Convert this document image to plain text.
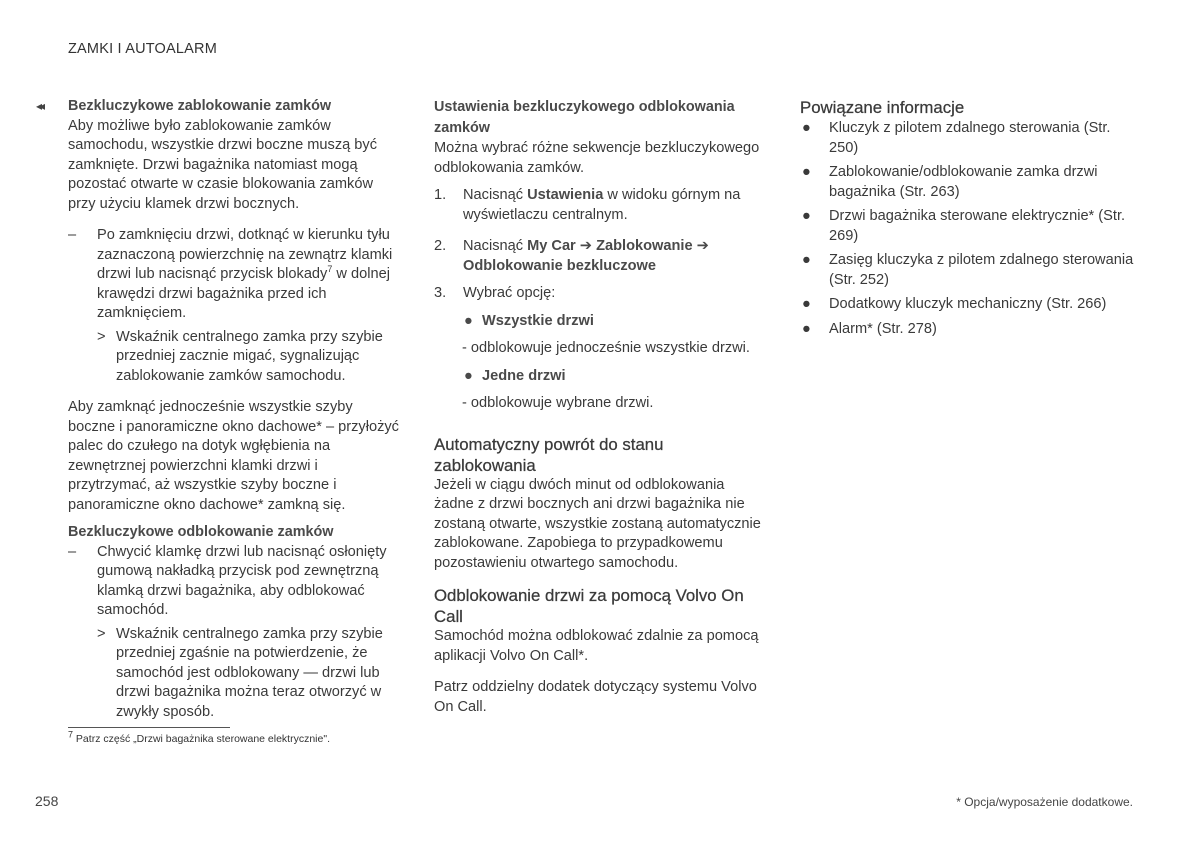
ZAMKI I AUTOALARM
◂◂ Bezkluczykowe zablokowanie zamków

Aby możliwe było zablokowanie zamków samochodu, wszystkie drzwi boczne muszą być zamknięte. Drzwi bagażnika natomiast mogą pozostać otwarte w czasie blokowania zamków przy użyciu klamek drzwi bocznych.

– Po zamknięciu drzwi, dotknąć w kierunku tyłu zaznaczoną powierzchnię na zewnątrz klamki drzwi lub nacisnąć przycisk blokady$^7$ w dolnej krawędzi drzwi bagażnika przed ich zamknięciem.
> Wskaźnik centralnego zamka przy szybie przedniej zacznie migać, sygnalizując zablokowanie zamków samochodu.

Aby zamknąć jednocześnie wszystkie szyby boczne i panoramiczne okno dachowe* – przyłożyć palec do czułego na dotyk wgłębienia na zewnętrznej powierzchni klamki drzwi i przytrzymać, aż wszystkie szyby boczne i panoramiczne okno dachowe* zamkną się.

Bezkluczykowe odblokowanie zamków
– Chwycić klamkę drzwi lub nacisnąć osłonięty gumową nakładką przycisk pod zewnętrzną klamką drzwi bagażnika, aby odblokować samochód.
> Wskaźnik centralnego zamka przy szybie przedniej zgaśnie na potwierdzenie, że samochód jest odblokowany — drzwi lub drzwi bagażnika można teraz otworzyć w zwykły sposób.
Ustawienia bezkluczykowego odblokowania zamków

Można wybrać różne sekwencje bezkluczykowego odblokowania zamków.

1. Nacisnąć Ustawienia w widoku górnym na wyświetlaczu centralnym.
2. Nacisnąć My Car ➔ Zablokowanie ➔ Odblokowanie bezkluczowe
3. Wybrać opcję:
● Wszystkie drzwi

- odblokowuje jednocześnie wszystkie drzwi.

● Jedne drzwi

- odblokowuje wybrane drzwi.

Automatyczny powrót do stanu zablokowania

Jeżeli w ciągu dwóch minut od odblokowania żadne z drzwi bocznych ani drzwi bagażnika nie zostaną otwarte, wszystkie zostaną automatycznie zablokowane. Zapobiega to przypadkowemu pozostawieniu otwartego samochodu.

Odblokowanie drzwi za pomocą Volvo On Call

Samochód można odblokować zdalnie za pomocą aplikacji Volvo On Call*.

Patrz oddzielny dodatek dotyczący systemu Volvo On Call.

Powiązane informacje
● Kluczyk z pilotem zdalnego sterowania (Str. 250)
● Zablokowanie/odblokowanie zamka drzwi bagażnika (Str. 263)
● Drzwi bagażnika sterowane elektrycznie* (Str. 269)
● Zasięg kluczyka z pilotem zdalnego sterowania (Str. 252)
● Dodatkowy kluczyk mechaniczny (Str. 266)
● Alarm* (Str. 278)
$^7$ Patrz część „Drzwi bagażnika sterowane elektrycznie".
258	* Opcja/wyposażenie dodatkowe.
